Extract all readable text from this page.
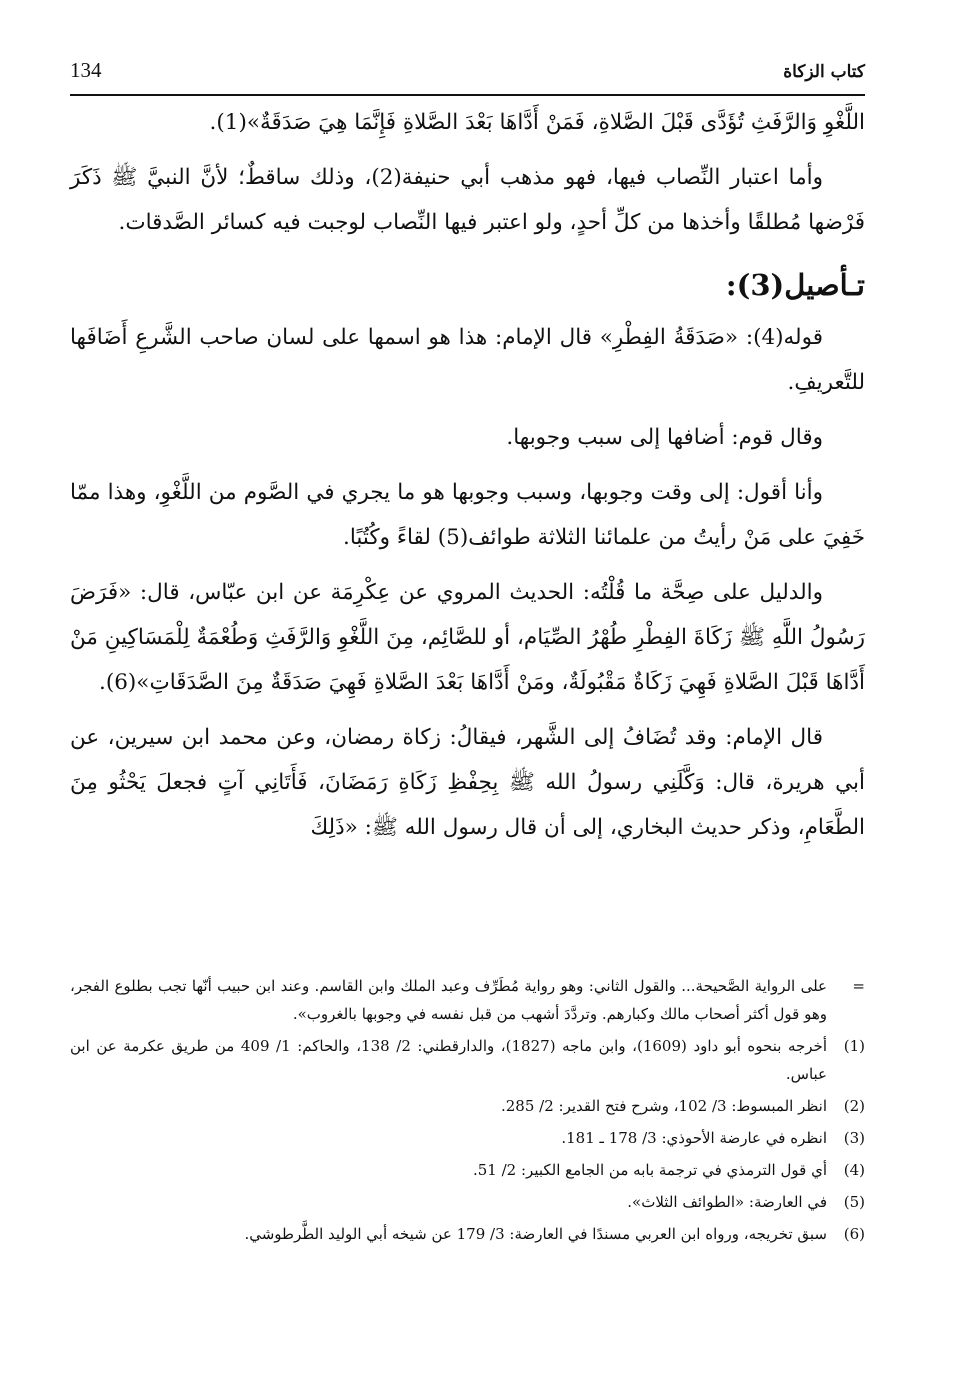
كتاب الزكاة
134

اللَّغْوِ وَالرَّفَثِ تُؤَدَّى قَبْلَ الصَّلاةِ، فَمَنْ أَدَّاهَا بَعْدَ الصَّلاةِ فَإِنَّمَا هِيَ صَدَقَةٌ»(1).

وأما اعتبار النِّصاب فيها، فهو مذهب أبي حنيفة(2)، وذلك ساقطٌ؛ لأنَّ النبيَّ ﷺ ذَكَرَ فَرْضها مُطلقًا وأخذها من كلِّ أحدٍ، ولو اعتبر فيها النِّصاب لوجبت فيه كسائر الصَّدقات.

تـأصيل(3):

قوله(4): «صَدَقَةُ الفِطْرِ» قال الإمام: هذا هو اسمها على لسان صاحب الشَّرعِ أَضَافَها للتَّعريفِ.

وقال قوم: أضافها إلى سبب وجوبها.

وأنا أقول: إلى وقت وجوبها، وسبب وجوبها هو ما يجري في الصَّوم من اللَّغْوِ، وهذا ممّا خَفِيَ على مَنْ رأيتُ من علمائنا الثلاثة طوائف(5) لقاءً وكُتُبًا.

والدليل على صِحَّة ما قُلْتُه: الحديث المروي عن عِكْرِمَة عن ابن عبّاس، قال: «فَرَضَ رَسُولُ اللَّهِ ﷺ زَكَاةَ الفِطْرِ طُهْرُ الصِّيَام، أو للصَّائِم، مِنَ اللَّغْوِ وَالرَّفَثِ وَطُعْمَةٌ لِلْمَسَاكِينِ مَنْ أَدَّاهَا قَبْلَ الصَّلاةِ فَهِيَ زَكَاةٌ مَقْبُولَةٌ، ومَنْ أَدَّاهَا بَعْدَ الصَّلاةِ فَهِيَ صَدَقَةٌ مِنَ الصَّدَقَاتِ»(6).

قال الإمام: وقد تُضَافُ إلى الشَّهر، فيقالُ: زكاة رمضان، وعن محمد ابن سيرين، عن أبي هريرة، قال: وَكَّلَنِي رسولُ الله ﷺ بِحِفْظِ زَكَاةِ رَمَضَانَ، فَأَتَانِي آتٍ فجعلَ يَحْثُو مِنَ الطَّعَامِ، وذكر حديث البخاري، إلى أن قال رسول الله ﷺ: «ذَلِكَ

=
على الرواية الصَّحيحة... والقول الثاني: وهو رواية مُطَرِّف وعبد الملك وابن القاسم. وعند ابن حبيب أنّها تجب بطلوع الفجر، وهو قول أكثر أصحاب مالك وكبارهم. وتردَّدَ أشهب من قبل نفسه في وجوبها بالغروب».
(1)
أخرجه بنحوه أبو داود (1609)، وابن ماجه (1827)، والدارقطني: 2/ 138، والحاكم: 1/ 409 من طريق عكرمة عن ابن عباس.
(2)
انظر المبسوط: 3/ 102، وشرح فتح القدير: 2/ 285.
(3)
انظره في عارضة الأحوذي: 3/ 178 ـ 181.
(4)
أي قول الترمذي في ترجمة بابه من الجامع الكبير: 2/ 51.
(5)
في العارضة: «الطوائف الثلاث».
(6)
سبق تخريجه، ورواه ابن العربي مسندًا في العارضة: 3/ 179 عن شيخه أبي الوليد الطَّرطوشي.
